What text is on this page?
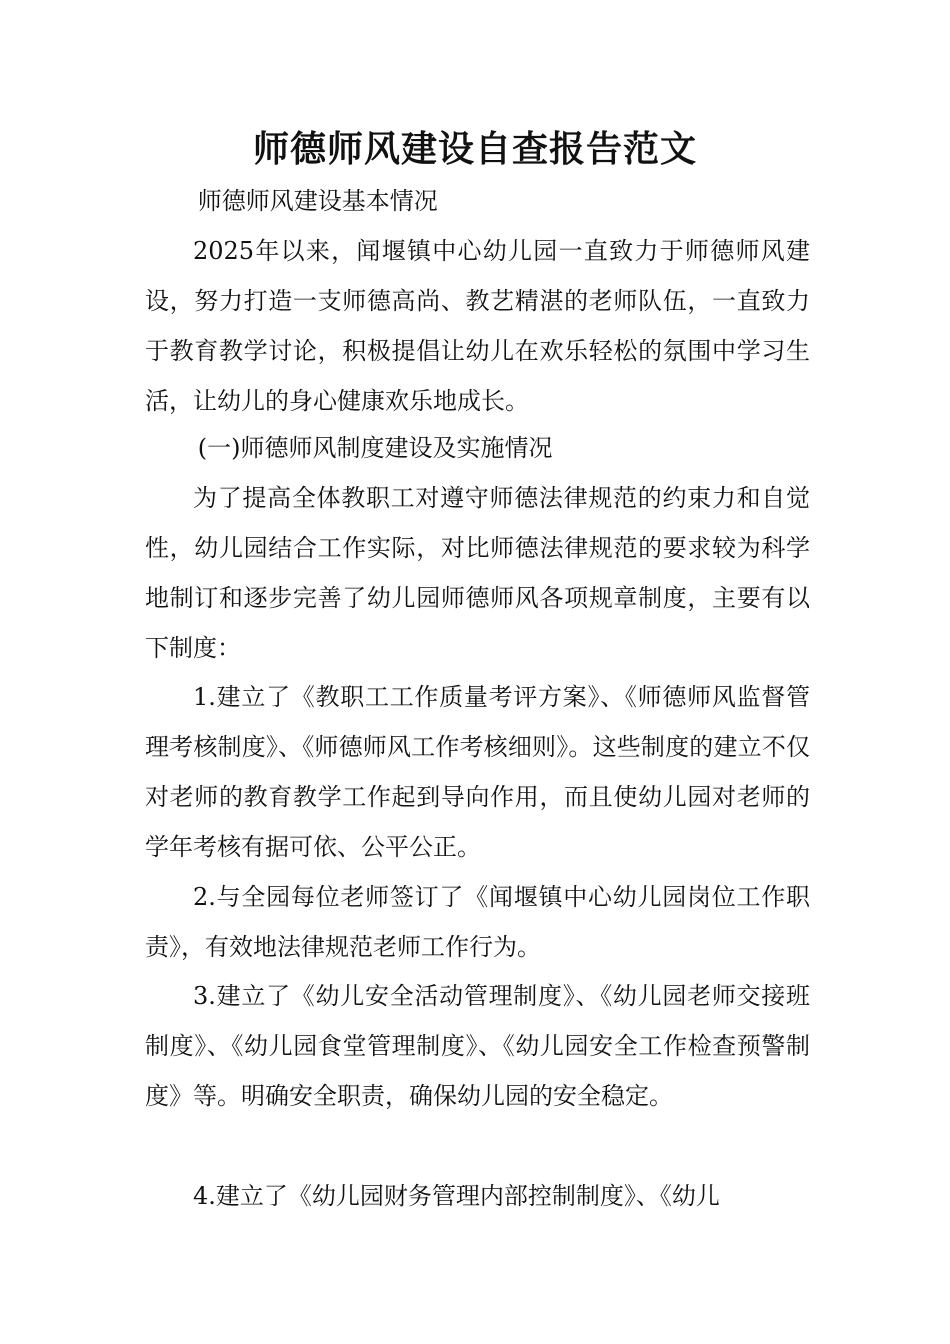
师德师风建设自查报告范文

师德师风建设基本情况

2025年以来，闻堰镇中心幼儿园一直致力于师德师风建设，努力打造一支师德高尚、教艺精湛的老师队伍，一直致力于教育教学讨论，积极提倡让幼儿在欢乐轻松的氛围中学习生活，让幼儿的身心健康欢乐地成长。

(一)师德师风制度建设及实施情况

为了提高全体教职工对遵守师德法律规范的约束力和自觉性，幼儿园结合工作实际，对比师德法律规范的要求较为科学地制订和逐步完善了幼儿园师德师风各项规章制度，主要有以下制度：

1.建立了《教职工工作质量考评方案》、《师德师风监督管理考核制度》、《师德师风工作考核细则》。这些制度的建立不仅对老师的教育教学工作起到导向作用，而且使幼儿园对老师的学年考核有据可依、公平公正。

2.与全园每位老师签订了《闻堰镇中心幼儿园岗位工作职责》，有效地法律规范老师工作行为。

3.建立了《幼儿安全活动管理制度》、《幼儿园老师交接班制度》、《幼儿园食堂管理制度》、《幼儿园安全工作检查预警制度》等。明确安全职责，确保幼儿园的安全稳定。

4.建立了《幼儿园财务管理内部控制制度》、《幼儿
